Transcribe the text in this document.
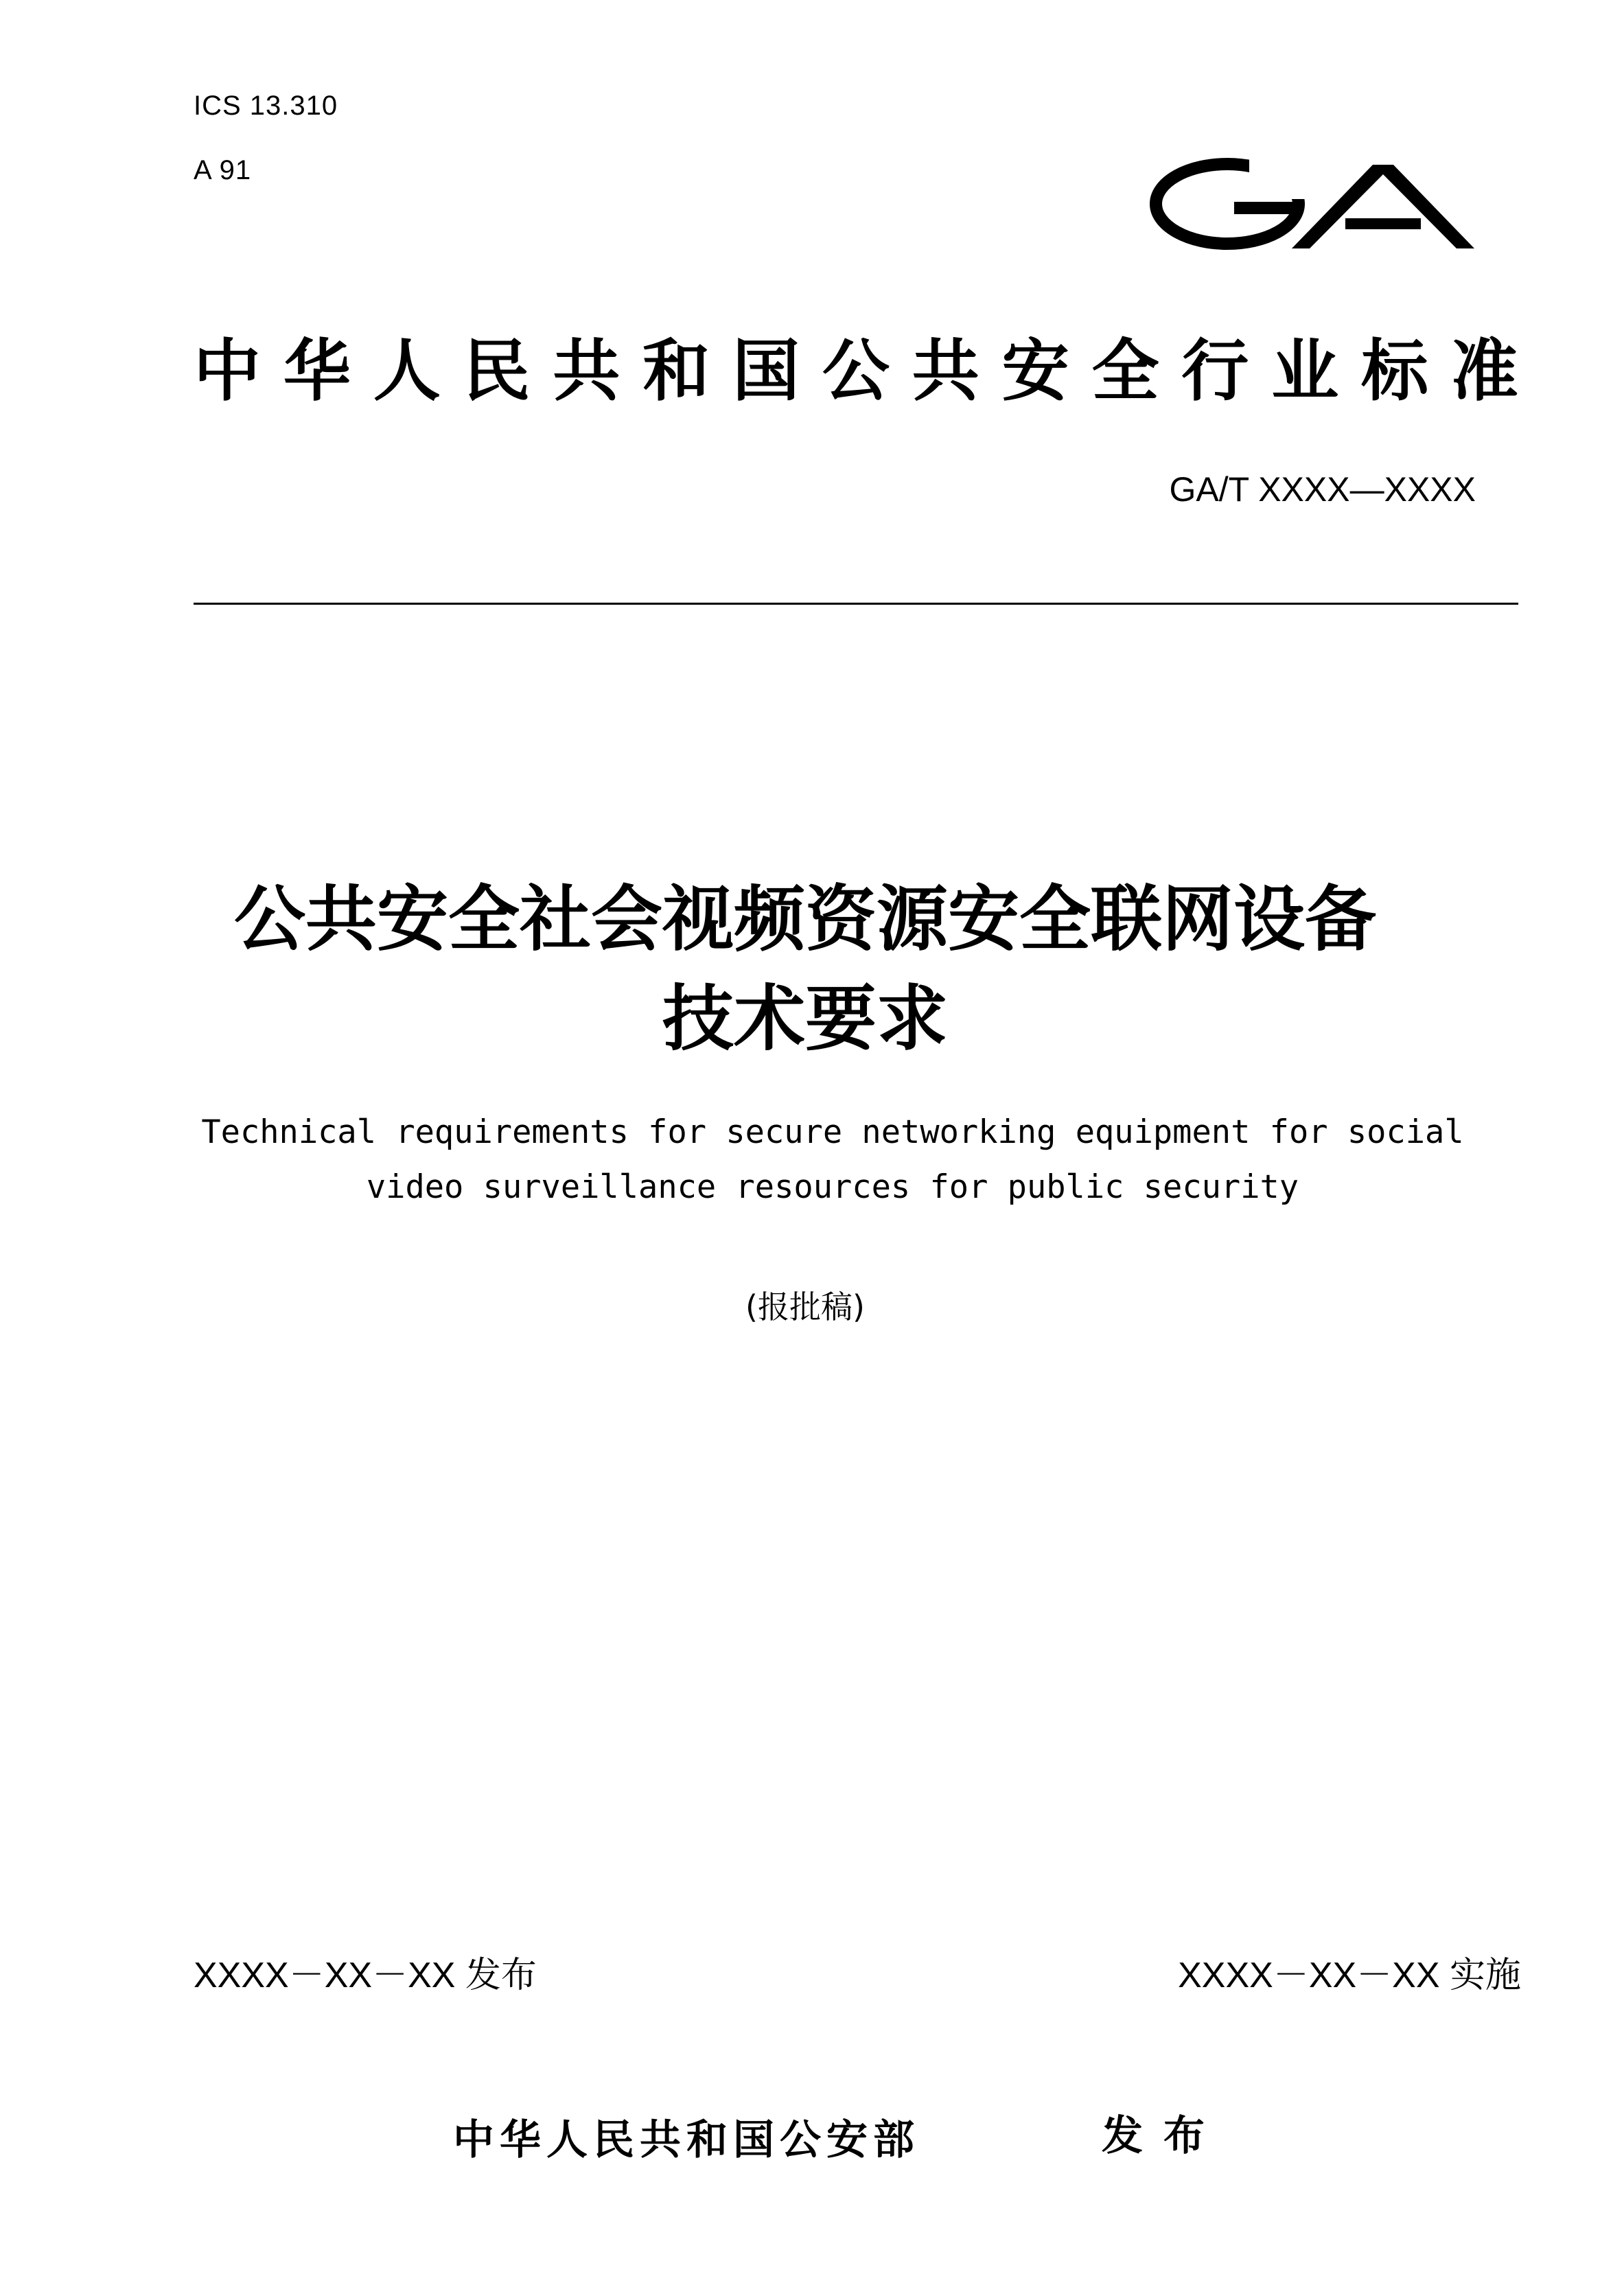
ICS 13.310
A 91
中 华 人 民 共 和 国 公 共 安 全 行 业 标 准
GA/T XXXX—XXXX
公共安全社会视频资源安全联网设备
技术要求
Technical requirements for secure networking equipment for social
video surveillance resources for public security
(报批稿)
XXXX－XX－XX 发布	XXXX－XX－XX 实施
中华人民共和国公安部	发布
